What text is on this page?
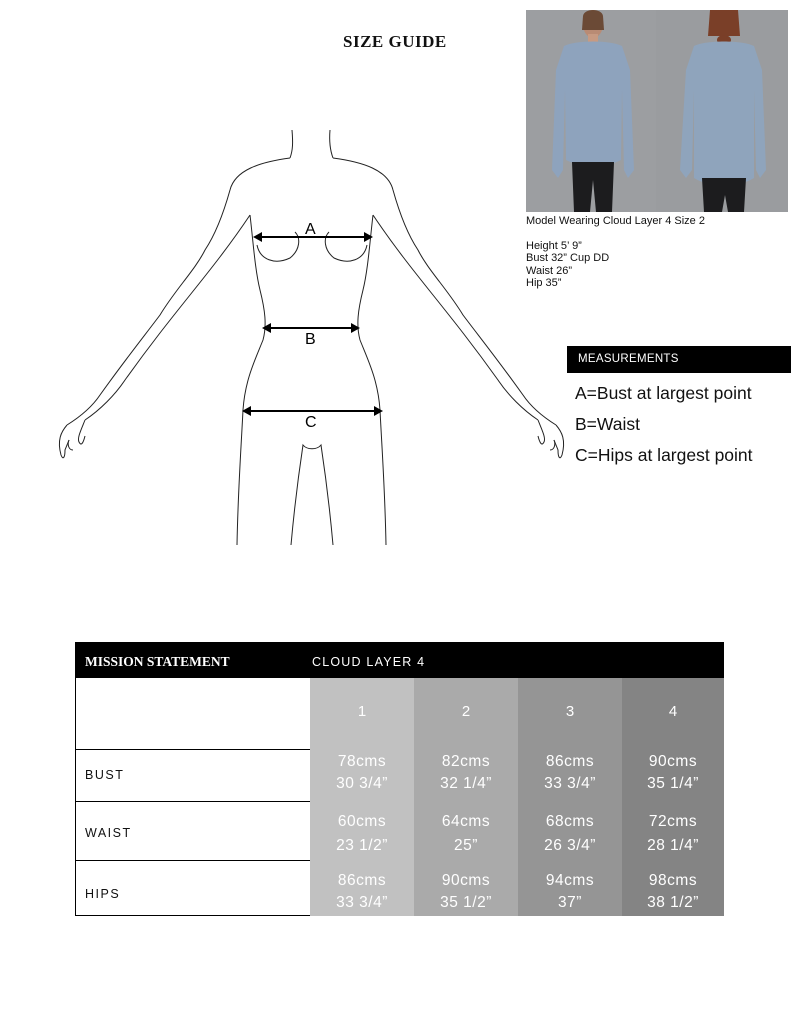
SIZE GUIDE
A
B
C
Model Wearing Cloud Layer 4 Size 2
Height 5’ 9”
Bust 32” Cup DD
Waist 26”
Hip 35”
MEASUREMENTS
A=Bust at largest point
B=Waist
C=Hips at largest point
MISSION STATEMENT	CLOUD LAYER 4
BUST
WAIST
HIPS
1
78cms
30 3/4”
60cms
23 1/2”
86cms
33 3/4”
2
82cms
32 1/4”
64cms
25”
90cms
35 1/2”
3
86cms
33 3/4”
68cms
26 3/4”
94cms
37”
4
90cms
35 1/4”
72cms
28 1/4”
98cms
38 1/2”
